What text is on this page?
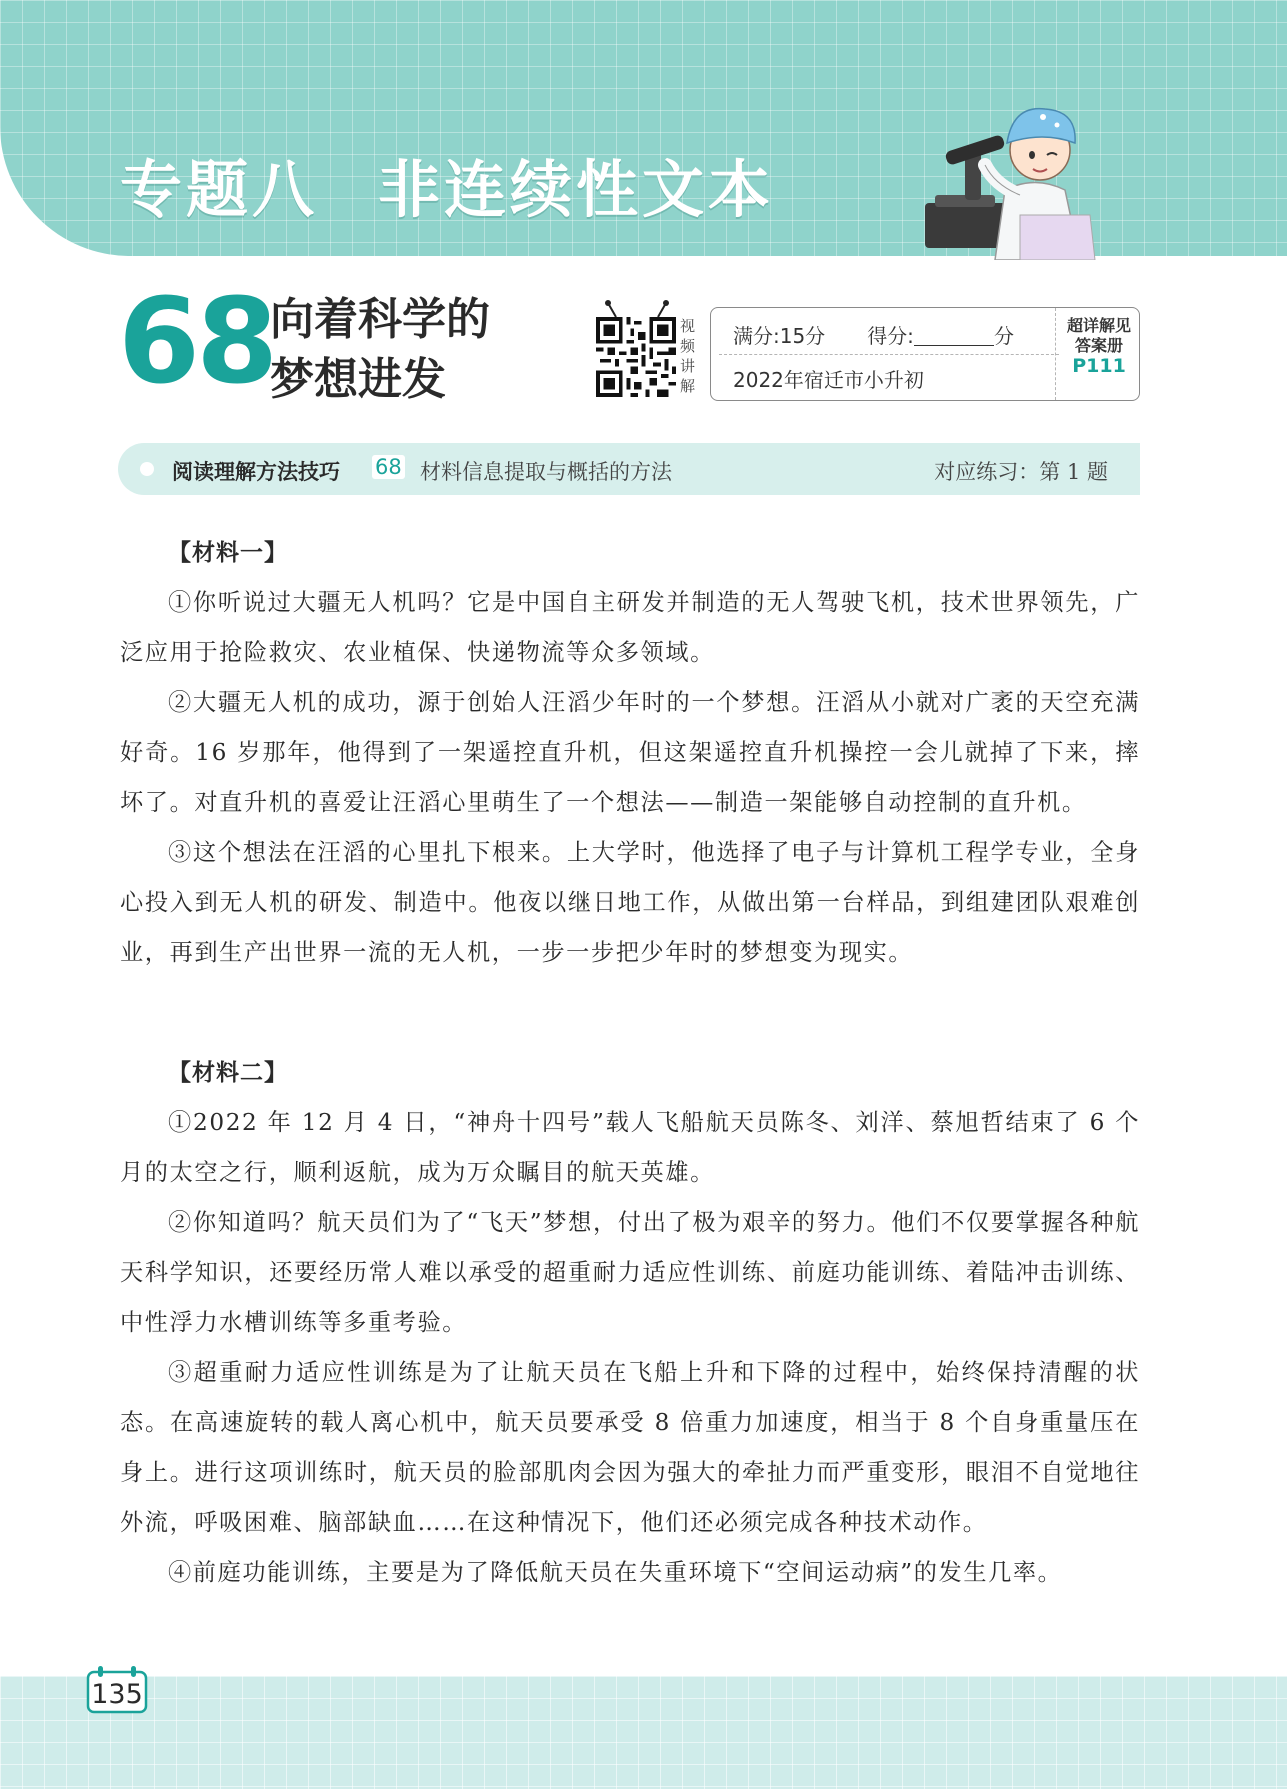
专题八 非连续性文本
68
向着科学的
梦想进发
视
频
讲
解
满分:15分 得分:	分
2022年宿迁市小升初
超详解见
答案册
P111
阅读理解方法技巧 68 材料信息提取与概括的方法	对应练习：第 1 题

【材料一】

①你听说过大疆无人机吗？它是中国自主研发并制造的无人驾驶飞机，技术世界领先，广泛应用于抢险救灾、农业植保、快递物流等众多领域。

②大疆无人机的成功，源于创始人汪滔少年时的一个梦想。汪滔从小就对广袤的天空充满好奇。16 岁那年，他得到了一架遥控直升机，但这架遥控直升机操控一会儿就掉了下来，摔坏了。对直升机的喜爱让汪滔心里萌生了一个想法——制造一架能够自动控制的直升机。

③这个想法在汪滔的心里扎下根来。上大学时，他选择了电子与计算机工程学专业，全身心投入到无人机的研发、制造中。他夜以继日地工作，从做出第一台样品，到组建团队艰难创业，再到生产出世界一流的无人机，一步一步把少年时的梦想变为现实。

【材料二】

①2022 年 12 月 4 日，“神舟十四号”载人飞船航天员陈冬、刘洋、蔡旭哲结束了 6 个月的太空之行，顺利返航，成为万众瞩目的航天英雄。

②你知道吗？航天员们为了“飞天”梦想，付出了极为艰辛的努力。他们不仅要掌握各种航天科学知识，还要经历常人难以承受的超重耐力适应性训练、前庭功能训练、着陆冲击训练、中性浮力水槽训练等多重考验。

③超重耐力适应性训练是为了让航天员在飞船上升和下降的过程中，始终保持清醒的状态。在高速旋转的载人离心机中，航天员要承受 8 倍重力加速度，相当于 8 个自身重量压在身上。进行这项训练时，航天员的脸部肌肉会因为强大的牵扯力而严重变形，眼泪不自觉地往外流，呼吸困难、脑部缺血……在这种情况下，他们还必须完成各种技术动作。

④前庭功能训练，主要是为了降低航天员在失重环境下“空间运动病”的发生几率。

135
